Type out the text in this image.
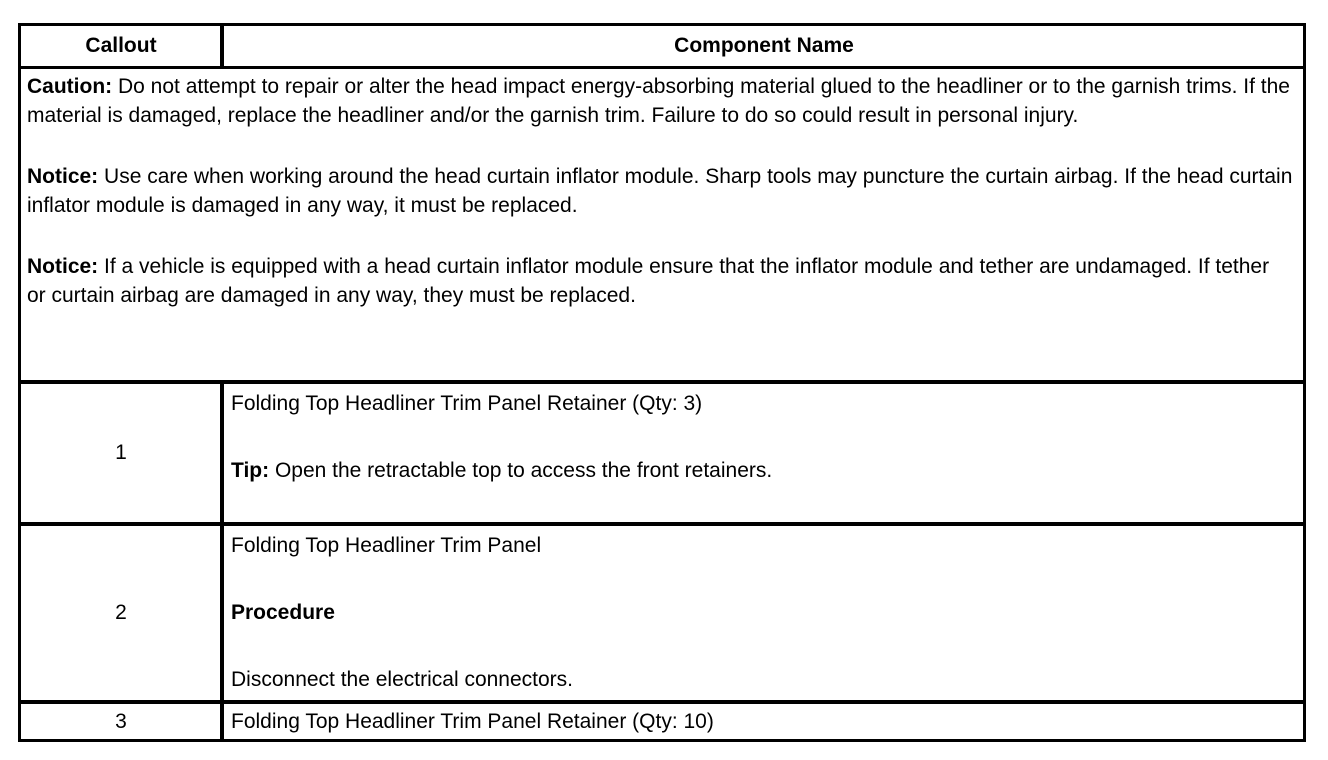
Callout	Component Name

Caution: Do not attempt to repair or alter the head impact energy-absorbing material glued to the headliner or to the garnish trims. If the material is damaged, replace the headliner and/or the garnish trim. Failure to do so could result in personal injury.

Notice: Use care when working around the head curtain inflator module. Sharp tools may puncture the curtain airbag. If the head curtain inflator module is damaged in any way, it must be replaced.

Notice: If a vehicle is equipped with a head curtain inflator module ensure that the inflator module and tether are undamaged. If tether or curtain airbag are damaged in any way, they must be replaced.

1
Folding Top Headliner Trim Panel Retainer (Qty: 3)
Tip: Open the retractable top to access the front retainers.
2
Folding Top Headliner Trim Panel
Procedure
Disconnect the electrical connectors.
3	Folding Top Headliner Trim Panel Retainer (Qty: 10)
